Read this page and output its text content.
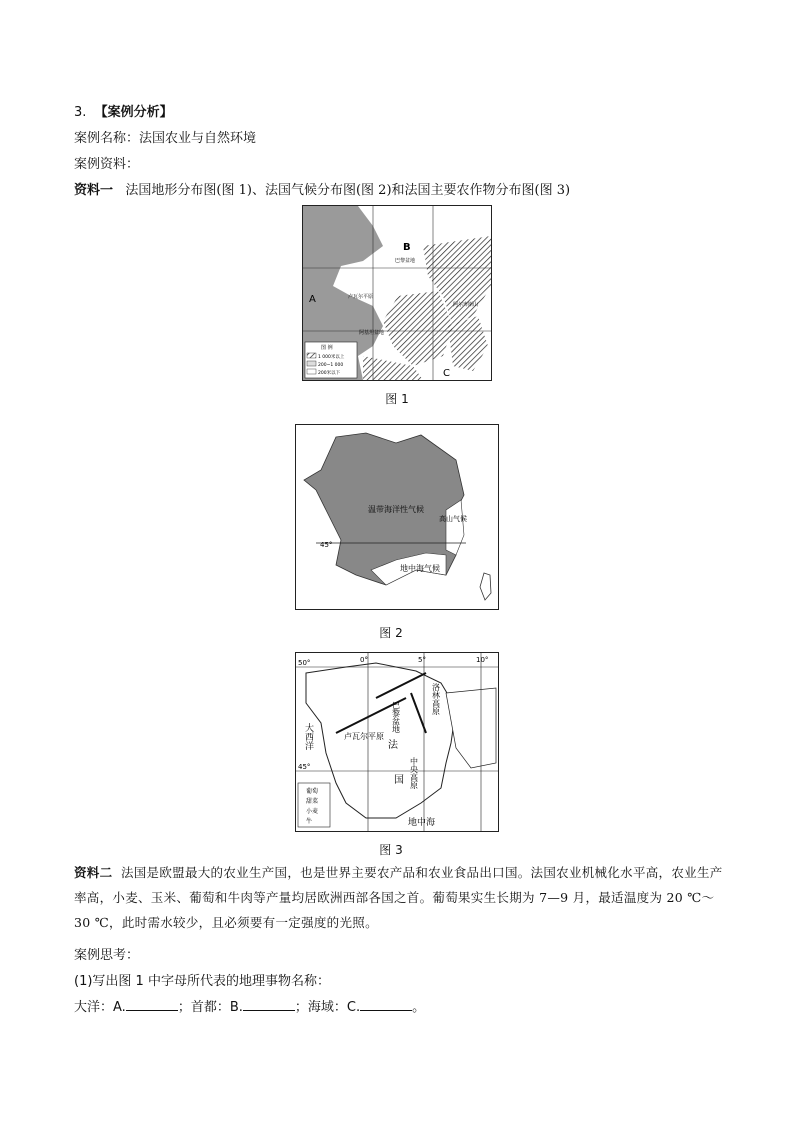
3. 【案例分析】
案例名称：法国农业与自然环境
案例资料：
资料一 法国地形分布图(图 1)、法国气候分布图(图 2)和法国主要农作物分布图(图 3)
A
B
C
巴黎盆地
卢瓦尔平原
阿基坦盆地
阿尔卑斯山
图 例
1 000米以上
200~1 000
200米以下
图 1
温带海洋性气候
高山气候
地中海气候
45°
图 2
50°
45°
0°	5°	10°
巴黎盆地
洛林高原
卢瓦尔平原
中央高原
法
国
大西洋
地中海
葡萄
甜菜
小麦
牛
图 3
资料二 法国是欧盟最大的农业生产国，也是世界主要农产品和农业食品出口国。法国农业机械化水平高，农业生产率高，小麦、玉米、葡萄和牛肉等产量均居欧洲西部各国之首。葡萄果实生长期为 7—9 月，最适温度为 20 ℃～30 ℃，此时需水较少，且必须要有一定强度的光照。
案例思考：
(1)写出图 1 中字母所代表的地理事物名称：
大洋：A.	；首都：B.	；海域：C.	。
